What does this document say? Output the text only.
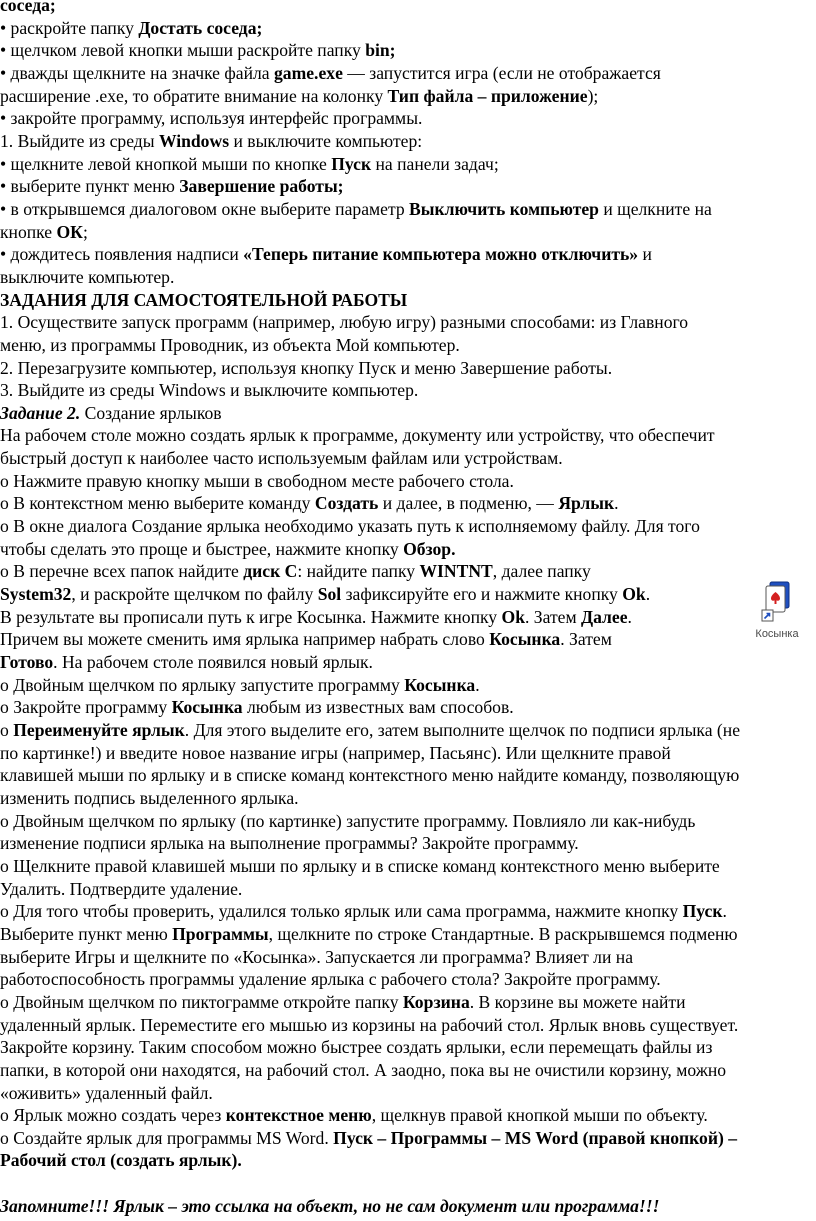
соседа;
• раскройте папку Достать соседа;
• щелчком левой кнопки мыши раскройте папку bin;
• дважды щелкните на значке файла game.exe — запустится игра (если не отображается
расширение .exe, то обратите внимание на колонку Тип файла – приложение);
• закройте программу, используя интерфейс программы.
1. Выйдите из среды Windows и выключите компьютер:
• щелкните левой кнопкой мыши по кнопке Пуск на панели задач;
• выберите пункт меню Завершение работы;
• в открывшемся диалоговом окне выберите параметр Выключить компьютер и щелкните на
кнопке ОК;
• дождитесь появления надписи «Теперь питание компьютера можно отключить» и
выключите компьютер.
ЗАДАНИЯ ДЛЯ САМОСТОЯТЕЛЬНОЙ РАБОТЫ
1. Осуществите запуск программ (например, любую игру) разными способами: из Главного
меню, из программы Проводник, из объекта Мой компьютер.
2. Перезагрузите компьютер, используя кнопку Пуск и меню Завершение работы.
3. Выйдите из среды Windows и выключите компьютер.
Задание 2. Создание ярлыков
На рабочем столе можно создать ярлык к программе, документу или устройству, что обеспечит
быстрый доступ к наиболее часто используемым файлам или устройствам.
o Нажмите правую кнопку мыши в свободном месте рабочего стола.
o В контекстном меню выберите команду Создать и далее, в подменю, — Ярлык.
o В окне диалога Создание ярлыка необходимо указать путь к исполняемому файлу. Для того
чтобы сделать это проще и быстрее, нажмите кнопку Обзор.
o В перечне всех папок найдите диск С: найдите папку WINTNT, далее папку
System32, и раскройте щелчком по файлу Sol зафиксируйте его и нажмите кнопку Ok.
В результате вы прописали путь к игре Косынка. Нажмите кнопку Ok. Затем Далее.
Причем вы можете сменить имя ярлыка например набрать слово Косынка. Затем
Готово. На рабочем столе появился новый ярлык.
o Двойным щелчком по ярлыку запустите программу Косынка.
o Закройте программу Косынка любым из известных вам способов.
o Переименуйте ярлык. Для этого выделите его, затем выполните щелчок по подписи ярлыка (не
по картинке!) и введите новое название игры (например, Пасьянс). Или щелкните правой
клавишей мыши по ярлыку и в списке команд контекстного меню найдите команду, позволяющую
изменить подпись выделенного ярлыка.
o Двойным щелчком по ярлыку (по картинке) запустите программу. Повлияло ли как-нибудь
изменение подписи ярлыка на выполнение программы? Закройте программу.
o Щелкните правой клавишей мыши по ярлыку и в списке команд контекстного меню выберите
Удалить. Подтвердите удаление.
o Для того чтобы проверить, удалился только ярлык или сама программа, нажмите кнопку Пуск.
Выберите пункт меню Программы, щелкните по строке Стандартные. В раскрывшемся подменю
выберите Игры и щелкните по «Косынка». Запускается ли программа? Влияет ли на
работоспособность программы удаление ярлыка с рабочего стола? Закройте программу.
o Двойным щелчком по пиктограмме откройте папку Корзина. В корзине вы можете найти
удаленный ярлык. Переместите его мышью из корзины на рабочий стол. Ярлык вновь существует.
Закройте корзину. Таким способом можно быстрее создать ярлыки, если перемещать файлы из
папки, в которой они находятся, на рабочий стол. А заодно, пока вы не очистили корзину, можно
«оживить» удаленный файл.
o Ярлык можно создать через контекстное меню, щелкнув правой кнопкой мыши по объекту.
o Создайте ярлык для программы MS Word. Пуск – Программы – MS Word (правой кнопкой) –
Рабочий стол (создать ярлык).
Запомните!!! Ярлык – это ссылка на объект, но не сам документ или программа!!!
Косынка
